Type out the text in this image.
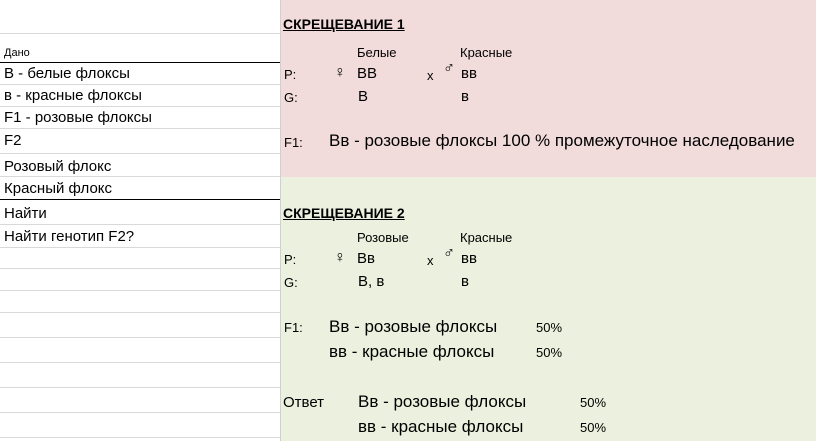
Дано
В - белые флоксы
в - красные флоксы
F1 - розовые флоксы
F2
Розовый флокс
Красный флокс
Найти
Найти генотип F2?
СКРЕЩЕВАНИЕ 1
Белые	Красные
P: ♀ ВВ	х ♂ вв
G:	В	в
F1: Вв - розовые флоксы 100 % промежуточное наследование
СКРЕЩЕВАНИЕ 2
Розовые	Красные
P: ♀ Вв	х ♂ вв
G:	В, в	в
F1: Вв - розовые флоксы	50%
вв - красные флоксы	50%
Ответ Вв - розовые флоксы	50%
вв - красные флоксы	50%
